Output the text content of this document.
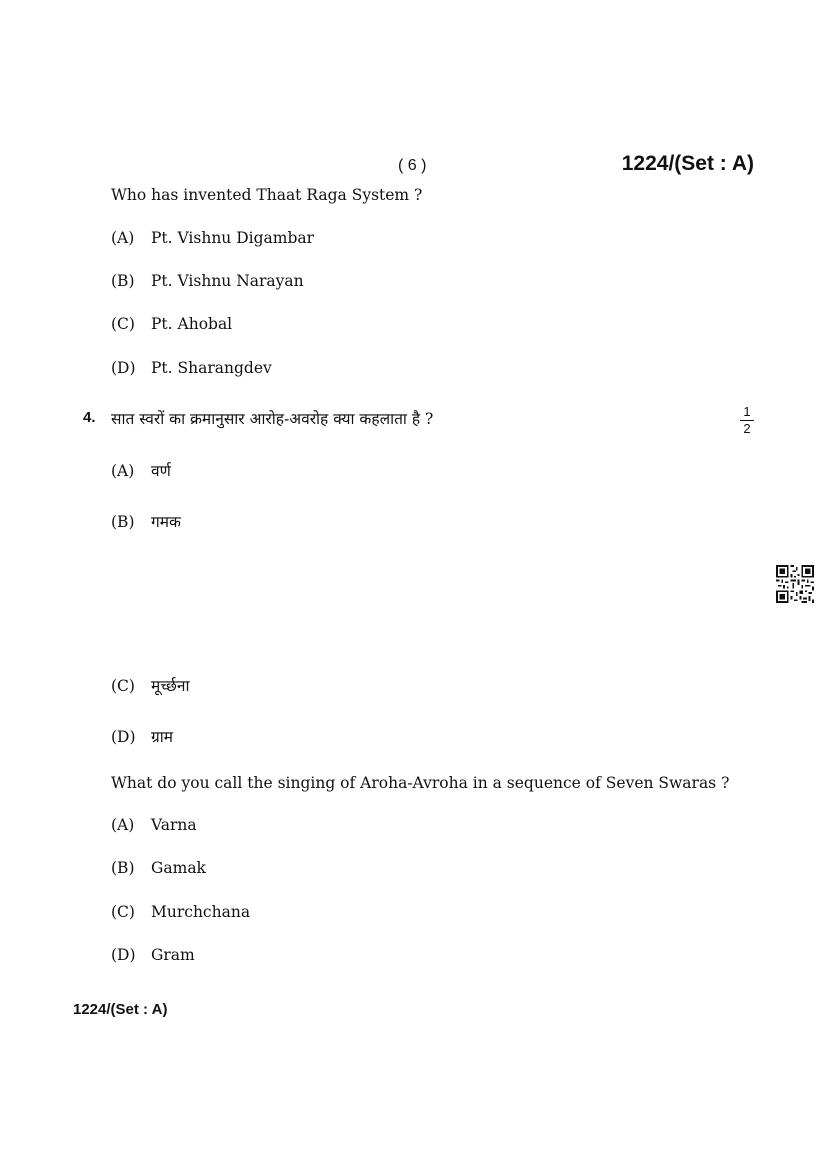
( 6 )	1224/(Set : A)
Who has invented Thaat Raga System ?
(A) Pt. Vishnu Digambar
(B) Pt. Vishnu Narayan
(C) Pt. Ahobal
(D) Pt. Sharangdev
4. सात स्वरों का क्रमानुसार आरोह-अवरोह क्या कहलाता है ?	1
2
(A) वर्ण
(B) गमक
(C) मूर्च्छना
(D) ग्राम
What do you call the singing of Aroha-Avroha in a sequence of Seven Swaras ?
(A) Varna
(B) Gamak
(C) Murchchana
(D) Gram
1224/(Set : A)
